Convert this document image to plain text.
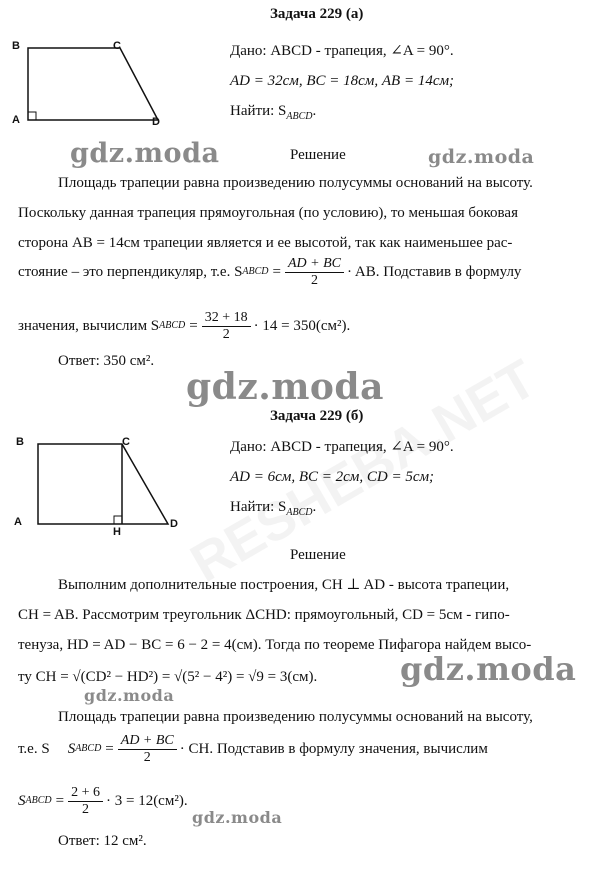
Задача 229 (а)
B	C
A	D
Дано: ABCD - трапеция, ∠A = 90°.
AD = 32см, BC = 18см, AB = 14см;
Найти: $S_{ABCD}$.
gdz.moda	Решение	gdz.moda
Площадь трапеции равна произведению полусуммы оснований на высоту.
Поскольку данная трапеция прямоугольная (по условию), то меньшая боковая
сторона AB = 14см трапеции является и ее высотой, так как наименьшее рас-
стояние – это перпендикуляр, т.е. S ABCD = $\frac{AD + BC}{2}$ · AB. Подставив в формулу
значения, вычислим S ABCD = $\frac{32 + 18}{2} \cdot 14 = 350(см^2)$.
Ответ: 350 см².
gdz.moda
Задача 229 (б)
B	C
A
H
D
Дано: ABCD - трапеция, ∠A = 90°.
AD = 6см, BC = 2см, CD = 5см;
Найти: $S_{ABCD}$.
Решение
Выполним дополнительные построения, CH ⊥ AD - высота трапеции,
CH = AB. Рассмотрим треугольник ΔCHD: прямоугольный, CD = 5см - гипо-
тенуза, HD = AD − BC = 6 − 2 = 4(см). Тогда по теореме Пифагора найдем высо-
gdz.moda
ту CH = √(CD² − HD²) = √(5² − 4²) = √9 = 3(см).
gdz.moda
Площадь трапеции равна произведению полусуммы оснований на высоту,
т.е. S S ABCD = $\frac{AD + BC}{2}$ · CH. Подставив в формулу значения, вычислим
S ABCD = $\frac{2 + 6}{2} \cdot 3 = 12(см^2)$.
gdz.moda
Ответ: 12 см².
